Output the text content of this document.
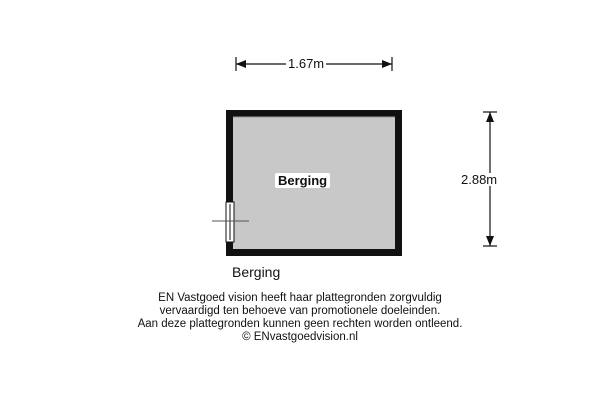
1.67m
2.88m
Berging
Berging
EN Vastgoed vision heeft haar plattegronden zorgvuldig
vervaardigd ten behoeve van promotionele doeleinden.
Aan deze plattegronden kunnen geen rechten worden ontleend.
© ENvastgoedvision.nl
